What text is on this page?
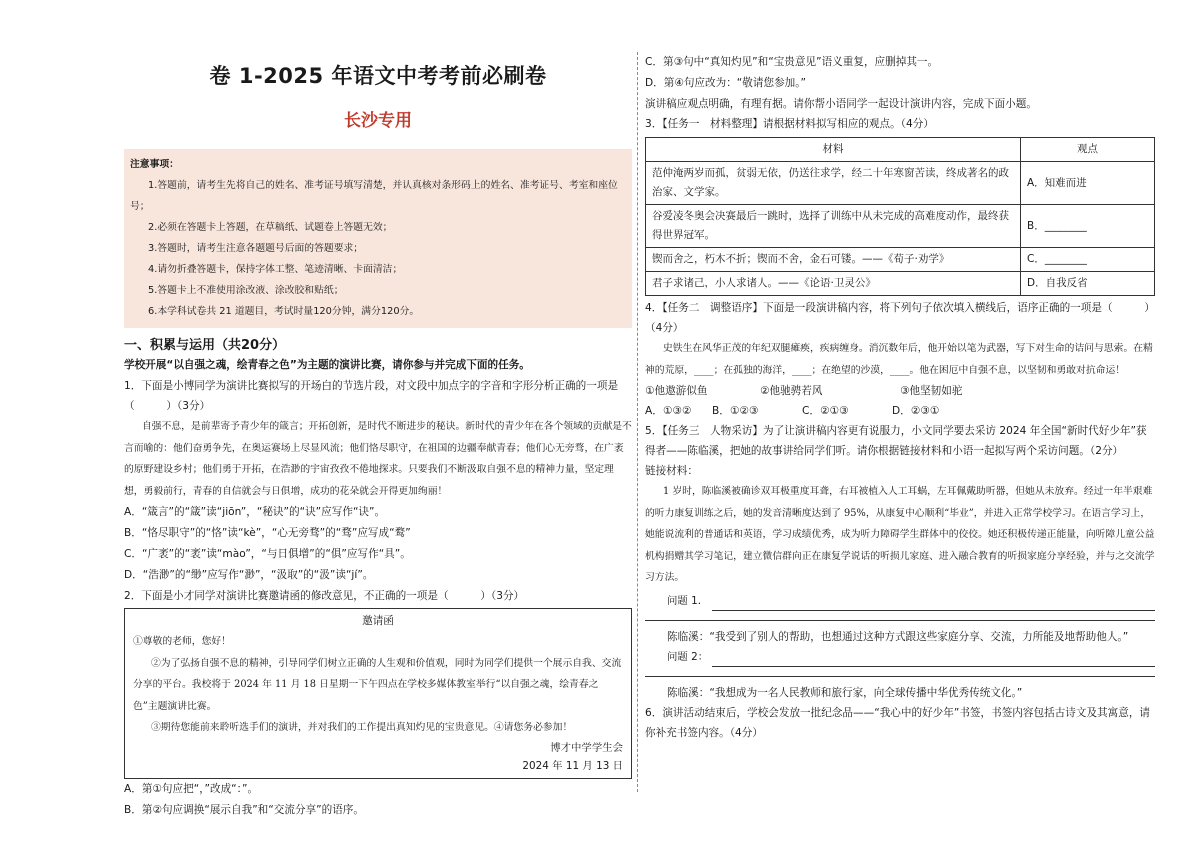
卷 1-2025 年语文中考考前必刷卷
长沙专用
注意事项：
1.答题前，请考生先将自己的姓名、准考证号填写清楚，并认真核对条形码上的姓名、准考证号、考室和座位号；
2.必须在答题卡上答题，在草稿纸、试题卷上答题无效；
3.答题时，请考生注意各题题号后面的答题要求；
4.请勿折叠答题卡，保持字体工整、笔迹清晰、卡面清洁；
5.答题卡上不准使用涂改液、涂改胶和贴纸；
6.本学科试卷共 21 道题目，考试时量120分钟，满分120分。
一、积累与运用（共20分）
学校开展“以自强之魂，绘青春之色”为主题的演讲比赛，请你参与并完成下面的任务。
1．下面是小博同学为演讲比赛拟写的开场白的节选片段，对文段中加点字的字音和字形分析正确的一项是（　　　）（3分）
自强不息，是前辈寄予青少年的箴言；开拓创新，是时代不断进步的秘诀。新时代的青少年在各个领域的贡献是不言而喻的：他们奋勇争先，在奥运赛场上尽显风流；他们恪尽职守，在祖国的边疆奉献青春；他们心无旁骛，在广袤的原野建设乡村；他们勇于开拓，在浩渺的宇宙孜孜不倦地探求。只要我们不断汲取自强不息的精神力量，坚定理想，勇毅前行，青春的自信就会与日俱增，成功的花朵就会开得更加绚丽！
A．“箴言”的“箴”读“jiōn”，“秘诀”的“诀”应写作“诀”。
B．“恪尽职守”的“恪”读“kè”，“心无旁骛”的“骛”应写成“鹜”
C．“广袤”的“袤”读“mào”，“与日俱增”的“俱”应写作“具”。
D．“浩渺”的“缈”应写作“渺”，“汲取”的“汲”读“jí”。
2．下面是小才同学对演讲比赛邀请函的修改意见，不正确的一项是（　　　）（3分）
邀请函
①尊敬的老师，您好！
②为了弘扬自强不息的精神，引导同学们树立正确的人生观和价值观，同时为同学们提供一个展示自我、交流分享的平台。我校将于 2024 年 11 月 18 日星期一下午四点在学校多媒体教室举行“以自强之魂，绘青春之色”主题演讲比赛。
③期待您能前来聆听选手们的演讲，并对我们的工作提出真知灼见的宝贵意见。④请您务必参加！
博才中学学生会
2024 年 11 月 13 日
A．第①句应把“，”改成“：”。
B．第②句应调换“展示自我”和“交流分享”的语序。
C．第③句中“真知灼见”和“宝贵意见”语义重复，应删掉其一。
D．第④句应改为：“敬请您参加。”
演讲稿应观点明确，有理有据。请你帮小语同学一起设计演讲内容，完成下面小题。
3．【任务一　材料整理】请根据材料拟写相应的观点。（4分）
材料	观点
范仲淹两岁而孤，贫弱无依，仍送往求学，经二十年寒窗苦读，终成著名的政治家、文学家。	A．知难而进
谷爱凌冬奥会决赛最后一跳时，选择了训练中从未完成的高难度动作，最终获得世界冠军。	B．________
锲而舍之，朽木不折；锲而不舍，金石可镂。——《荀子·劝学》	C．________
君子求诸己，小人求诸人。——《论语·卫灵公》	D．自我反省
4．【任务二　调整语序】下面是一段演讲稿内容，将下列句子依次填入横线后，语序正确的一项是（　　　）（4分）
史铁生在风华正茂的年纪双腿瘫痪，疾病缠身。消沉数年后，他开始以笔为武器，写下对生命的诘问与思索。在精神的荒原，____；在孤独的海洋，____；在绝望的沙漠，____。他在困厄中自强不息，以坚韧和勇敢对抗命运！
①他遨游似鱼	②他驰骋若风	③他坚韧如驼
A．①③②	B．①②③	C．②①③	D．②③①
5．【任务三　人物采访】为了让演讲稿内容更有说服力，小文同学要去采访 2024 年全国“新时代好少年”获得者——陈临溪，把她的故事讲给同学们听。请你根据链接材料和小语一起拟写两个采访问题。（2分）
链接材料：
1 岁时，陈临溪被确诊双耳极重度耳聋，右耳被植入人工耳蜗，左耳佩戴助听器，但她从未放弃。经过一年半艰难的听力康复训练之后，她的发音清晰度达到了 95%，从康复中心顺利“毕业”，并进入正常学校学习。在语言学习上，她能说流利的普通话和英语，学习成绩优秀，成为听力障碍学生群体中的佼佼。她还积极传递正能量，向听障儿童公益机构捐赠其学习笔记，建立微信群向正在康复学说话的听损儿家庭、进入融合教育的听损家庭分享经验，并与之交流学习方法。
问题 1．
陈临溪：“我受到了别人的帮助，也想通过这种方式跟这些家庭分享、交流，力所能及地帮助他人。”
问题 2：
陈临溪：“我想成为一名人民教师和旅行家，向全球传播中华优秀传统文化。”
6．演讲活动结束后，学校会发放一批纪念品——“我心中的好少年”书签，书签内容包括古诗文及其寓意，请你补充书签内容。（4分）
